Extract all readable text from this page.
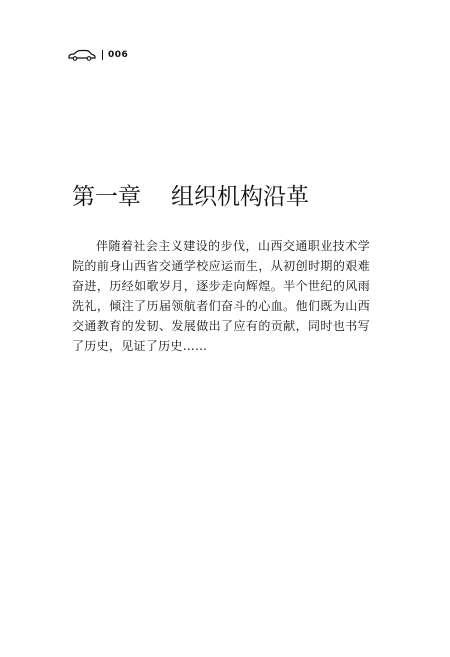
006
第一章 组织机构沿革

伴随着社会主义建设的步伐，山西交通职业技术学院的前身山西省交通学校应运而生，从初创时期的艰难奋进，历经如歌岁月，逐步走向辉煌。半个世纪的风雨洗礼，倾注了历届领航者们奋斗的心血。他们既为山西交通教育的发韧、发展做出了应有的贡献，同时也书写了历史，见证了历史……
